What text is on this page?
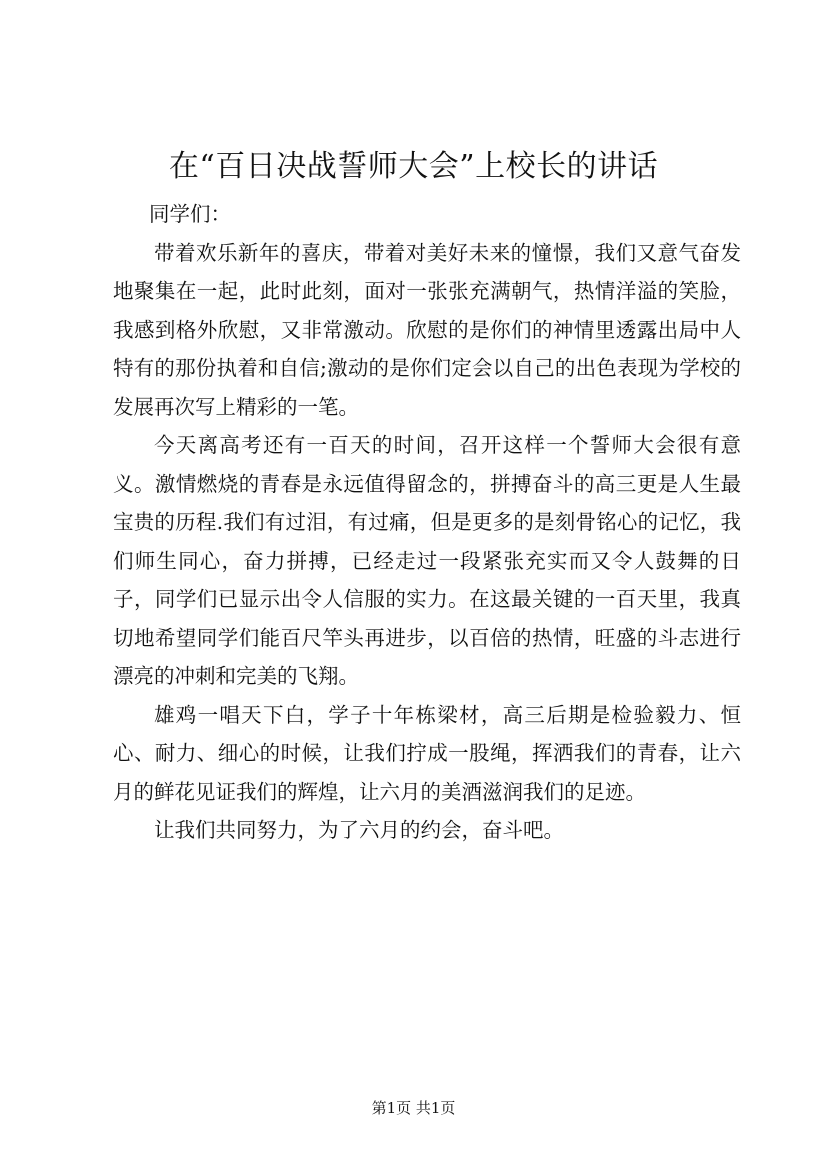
在“百日决战誓师大会”上校长的讲话

同学们：

带着欢乐新年的喜庆，带着对美好未来的憧憬，我们又意气奋发地聚集在一起，此时此刻，面对一张张充满朝气，热情洋溢的笑脸，我感到格外欣慰，又非常激动。欣慰的是你们的神情里透露出局中人特有的那份执着和自信;激动的是你们定会以自己的出色表现为学校的发展再次写上精彩的一笔。

今天离高考还有一百天的时间，召开这样一个誓师大会很有意义。激情燃烧的青春是永远值得留念的，拼搏奋斗的高三更是人生最宝贵的历程.我们有过泪，有过痛，但是更多的是刻骨铭心的记忆，我们师生同心，奋力拼搏，已经走过一段紧张充实而又令人鼓舞的日子，同学们已显示出令人信服的实力。在这最关键的一百天里，我真切地希望同学们能百尺竿头再进步，以百倍的热情，旺盛的斗志进行漂亮的冲刺和完美的飞翔。

雄鸡一唱天下白，学子十年栋梁材，高三后期是检验毅力、恒心、耐力、细心的时候，让我们拧成一股绳，挥洒我们的青春，让六月的鲜花见证我们的辉煌，让六月的美酒滋润我们的足迹。

让我们共同努力，为了六月的约会，奋斗吧。

第1页 共1页
